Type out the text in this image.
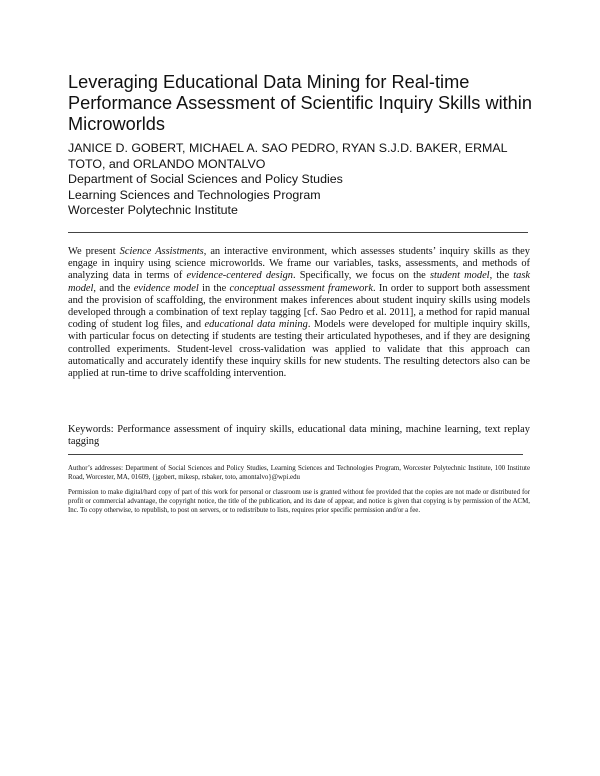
Leveraging Educational Data Mining for Real-time Performance Assessment of Scientific Inquiry Skills within Microworlds
JANICE D. GOBERT, MICHAEL A. SAO PEDRO, RYAN S.J.D. BAKER, ERMAL TOTO, and ORLANDO MONTALVO
Department of Social Sciences and Policy Studies
Learning Sciences and Technologies Program
Worcester Polytechnic Institute

We present Science Assistments, an interactive environment, which assesses students’ inquiry skills as they engage in inquiry using science microworlds. We frame our variables, tasks, assessments, and methods of analyzing data in terms of evidence-centered design. Specifically, we focus on the student model, the task model, and the evidence model in the conceptual assessment framework. In order to support both assessment and the provision of scaffolding, the environment makes inferences about student inquiry skills using models developed through a combination of text replay tagging [cf. Sao Pedro et al. 2011], a method for rapid manual coding of student log files, and educational data mining. Models were developed for multiple inquiry skills, with particular focus on detecting if students are testing their articulated hypotheses, and if they are designing controlled experiments. Student-level cross-validation was applied to validate that this approach can automatically and accurately identify these inquiry skills for new students. The resulting detectors also can be applied at run-time to drive scaffolding intervention.

Keywords: Performance assessment of inquiry skills, educational data mining, machine learning, text replay tagging

Author’s addresses: Department of Social Sciences and Policy Studies, Learning Sciences and Technologies Program, Worcester Polytechnic Institute, 100 Institute Road, Worcester, MA, 01609, {jgobert, mikesp, rsbaker, toto, amontalvo}@wpi.edu

Permission to make digital/hard copy of part of this work for personal or classroom use is granted without fee provided that the copies are not made or distributed for profit or commercial advantage, the copyright notice, the title of the publication, and its date of appear, and notice is given that copying is by permission of the ACM, Inc. To copy otherwise, to republish, to post on servers, or to redistribute to lists, requires prior specific permission and/or a fee.
